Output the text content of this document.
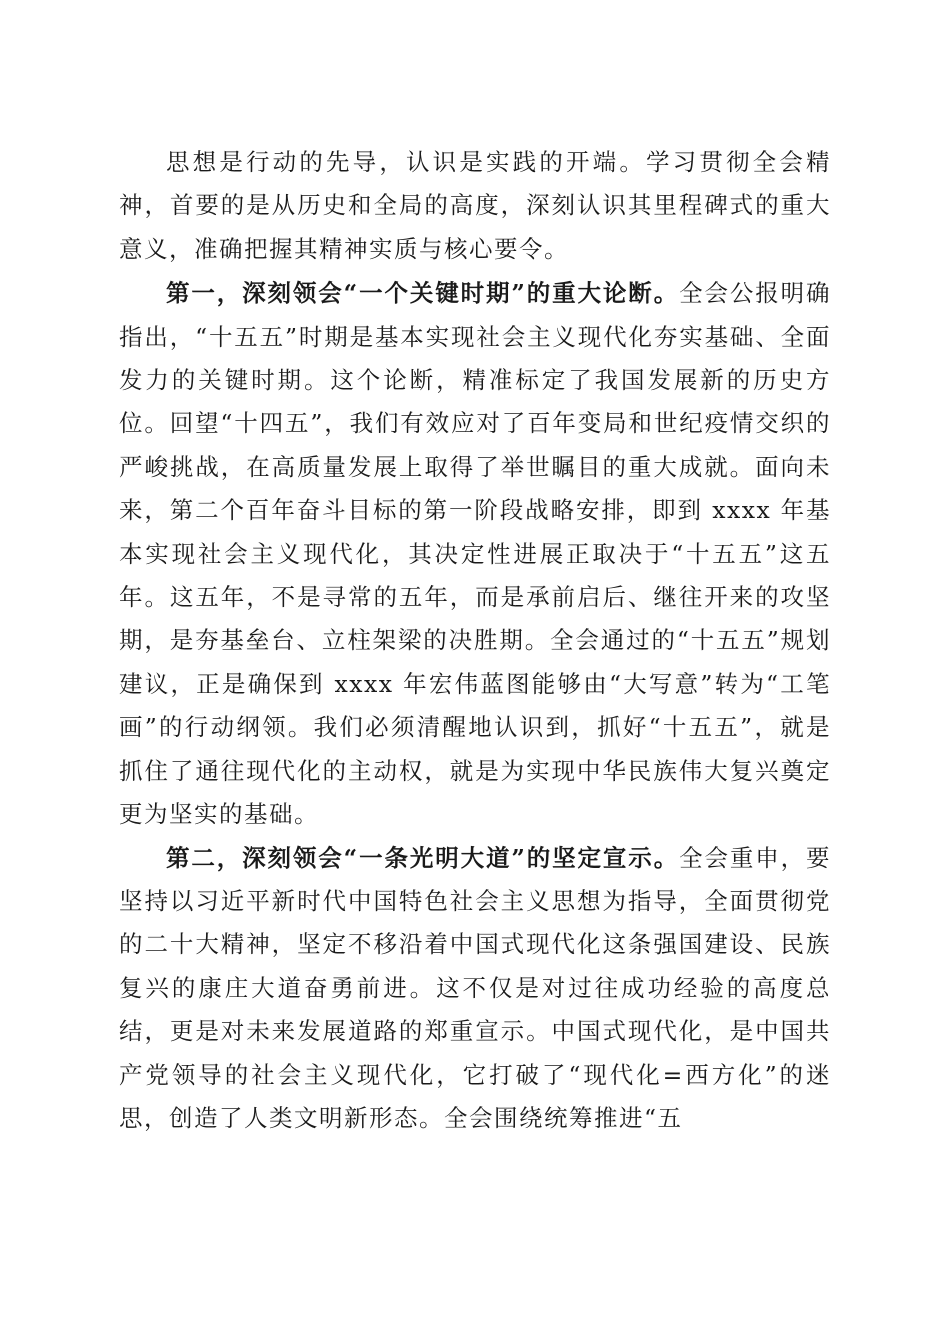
思想是行动的先导，认识是实践的开端。学习贯彻全会精神，首要的是从历史和全局的高度，深刻认识其里程碑式的重大意义，准确把握其精神实质与核心要令。

第一，深刻领会“一个关键时期”的重大论断。全会公报明确指出，“十五五”时期是基本实现社会主义现代化夯实基础、全面发力的关键时期。这个论断，精准标定了我国发展新的历史方位。回望“十四五”，我们有效应对了百年变局和世纪疫情交织的严峻挑战，在高质量发展上取得了举世瞩目的重大成就。面向未来，第二个百年奋斗目标的第一阶段战略安排，即到 xxxx 年基本实现社会主义现代化，其决定性进展正取决于“十五五”这五年。这五年，不是寻常的五年，而是承前启后、继往开来的攻坚期，是夯基垒台、立柱架梁的决胜期。全会通过的“十五五”规划建议，正是确保到 xxxx 年宏伟蓝图能够由“大写意”转为“工笔画”的行动纲领。我们必须清醒地认识到，抓好“十五五”，就是抓住了通往现代化的主动权，就是为实现中华民族伟大复兴奠定更为坚实的基础。

第二，深刻领会“一条光明大道”的坚定宣示。全会重申，要坚持以习近平新时代中国特色社会主义思想为指导，全面贯彻党的二十大精神，坚定不移沿着中国式现代化这条强国建设、民族复兴的康庄大道奋勇前进。这不仅是对过往成功经验的高度总结，更是对未来发展道路的郑重宣示。中国式现代化，是中国共产党领导的社会主义现代化，它打破了“现代化=西方化”的迷思，创造了人类文明新形态。全会围绕统筹推进“五
